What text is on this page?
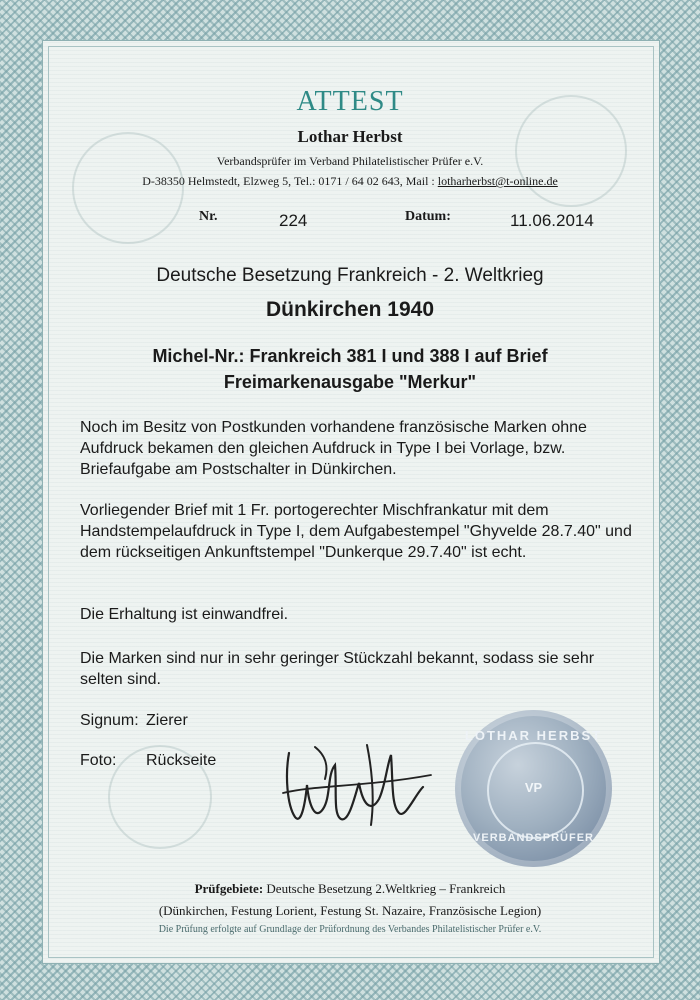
ATTEST
Lothar Herbst
Verbandsprüfer im Verband Philatelistischer Prüfer e.V.
D-38350 Helmstedt, Elzweg 5, Tel.: 0171 / 64 02 643, Mail : lotharherbst@t-online.de
Nr.	224	Datum:	11.06.2014
Deutsche Besetzung Frankreich - 2. Weltkrieg
Dünkirchen 1940
Michel-Nr.: Frankreich 381 I und 388 I auf Brief
Freimarkenausgabe "Merkur"
Noch im Besitz von Postkunden vorhandene französische Marken ohne Aufdruck bekamen den gleichen Aufdruck in Type I bei Vorlage, bzw. Briefaufgabe am Postschalter in Dünkirchen.
Vorliegender Brief mit 1 Fr. portogerechter Mischfrankatur mit dem Handstempelaufdruck in Type I, dem Aufgabestempel "Ghyvelde 28.7.40" und dem rückseitigen Ankunftstempel "Dunkerque 29.7.40" ist echt.
Die Erhaltung ist einwandfrei.
Die Marken sind nur in sehr geringer Stückzahl bekannt, sodass sie sehr selten sind.
Signum: Zierer
Foto: Rückseite
LOTHAR HERBST
VP
VERBANDSPRÜFER
Prüfgebiete: Deutsche Besetzung 2.Weltkrieg – Frankreich
(Dünkirchen, Festung Lorient, Festung St. Nazaire, Französische Legion)
Die Prüfung erfolgte auf Grundlage der Prüfordnung des Verbandes Philatelistischer Prüfer e.V.
